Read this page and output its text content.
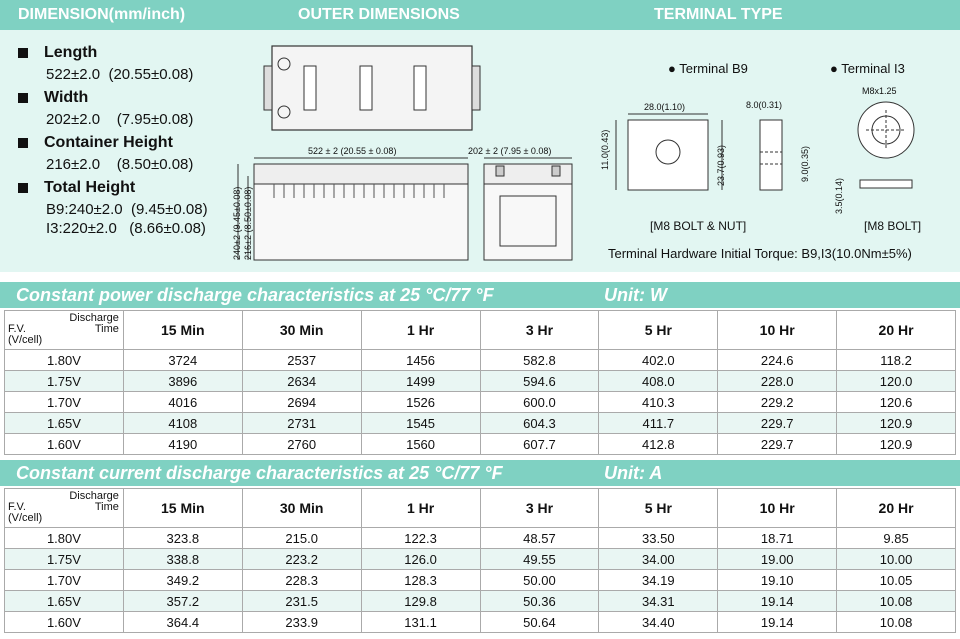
DIMENSION(mm/inch)	OUTER DIMENSIONS	TERMINAL TYPE
Length
522±2.0  (20.55±0.08)
Width
202±2.0    (7.95±0.08)
Container Height
216±2.0    (8.50±0.08)
Total Height
B9:240±2.0  (9.45±0.08)
I3:220±2.0   (8.66±0.08)
522 ± 2 (20.55 ± 0.08)
240±2 (9.45±0.08) 216±2 (8.50±0.08)
202 ± 2 (7.95 ± 0.08)
● Terminal B9
28.0(1.10)	8.0(0.31)
11.0(0.43)	23.7(0.93)	9.0(0.35)
[M8 BOLT & NUT]
● Terminal I3
M8x1.25
3.5(0.14)
[M8 BOLT]
Terminal Hardware Initial Torque: B9,I3(10.0Nm±5%)
Constant power discharge characteristics at 25 °C/77 °F	Unit: W
Discharge
Time
F.V.
(V/cell)	15 Min	30 Min	1 Hr	3 Hr	5 Hr	10 Hr	20 Hr
1.80V	3724	2537	1456	582.8	402.0	224.6	118.2
1.75V	3896	2634	1499	594.6	408.0	228.0	120.0
1.70V	4016	2694	1526	600.0	410.3	229.2	120.6
1.65V	4108	2731	1545	604.3	411.7	229.7	120.9
1.60V	4190	2760	1560	607.7	412.8	229.7	120.9
Constant current discharge characteristics at 25 °C/77 °F	Unit: A
Discharge
Time
F.V.
(V/cell)	15 Min	30 Min	1 Hr	3 Hr	5 Hr	10 Hr	20 Hr
1.80V	323.8	215.0	122.3	48.57	33.50	18.71	9.85
1.75V	338.8	223.2	126.0	49.55	34.00	19.00	10.00
1.70V	349.2	228.3	128.3	50.00	34.19	19.10	10.05
1.65V	357.2	231.5	129.8	50.36	34.31	19.14	10.08
1.60V	364.4	233.9	131.1	50.64	34.40	19.14	10.08
